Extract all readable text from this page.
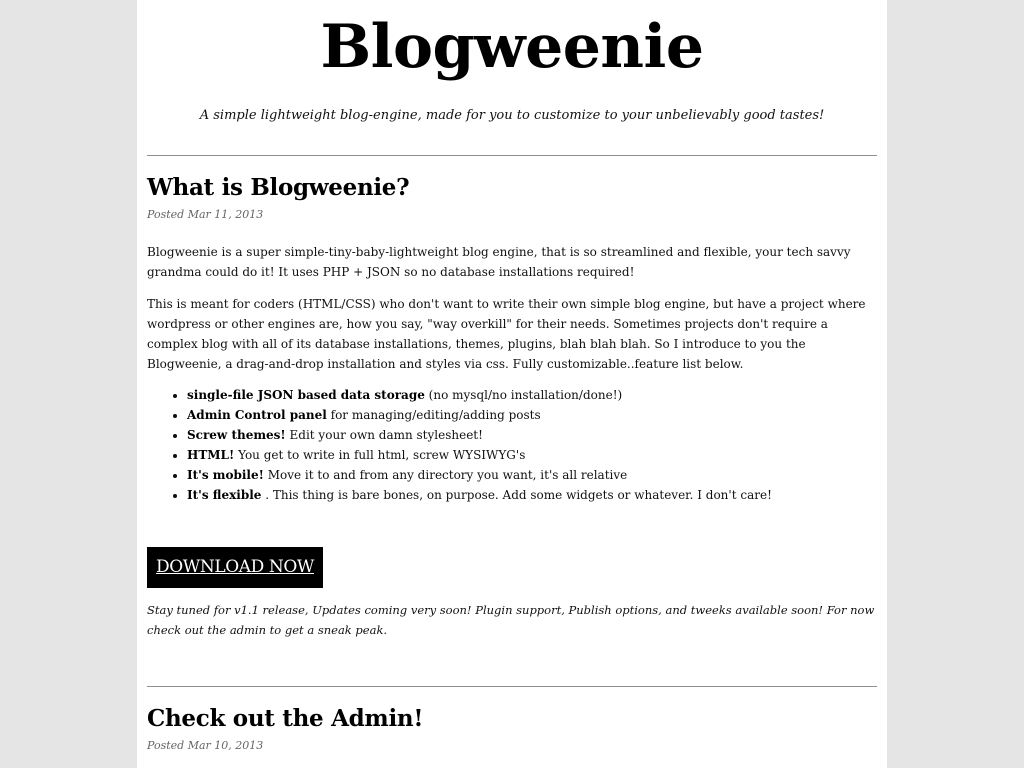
Blogweenie

A simple lightweight blog-engine, made for you to customize to your unbelievably good tastes!

What is Blogweenie?

Posted Mar 11, 2013

Blogweenie is a super simple-tiny-baby-lightweight blog engine, that is so streamlined and flexible, your tech savvy grandma could do it! It uses PHP + JSON so no database installations required!

This is meant for coders (HTML/CSS) who don't want to write their own simple blog engine, but have a project where wordpress or other engines are, how you say, "way overkill" for their needs. Sometimes projects don't require a complex blog with all of its database installations, themes, plugins, blah blah blah. So I introduce to you the Blogweenie, a drag-and-drop installation and styles via css. Fully customizable..feature list below.

• single-file JSON based data storage (no mysql/no installation/done!)
• Admin Control panel for managing/editing/adding posts
• Screw themes! Edit your own damn stylesheet!
• HTML! You get to write in full html, screw WYSIWYG's
• It's mobile! Move it to and from any directory you want, it's all relative
• It's flexible . This thing is bare bones, on purpose. Add some widgets or whatever. I don't care!
DOWNLOAD NOW

Stay tuned for v1.1 release, Updates coming very soon! Plugin support, Publish options, and tweeks available soon! For now check out the admin to get a sneak peak.

Check out the Admin!

Posted Mar 10, 2013
